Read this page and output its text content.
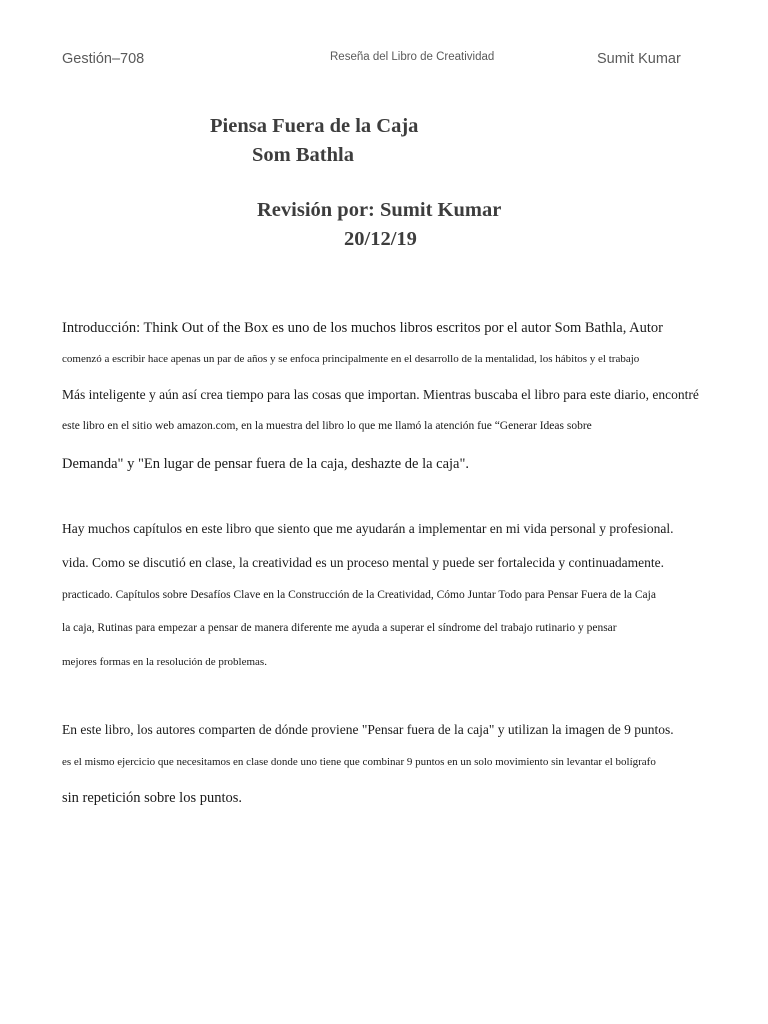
Gestión–708	Reseña del Libro de Creatividad	Sumit Kumar
Piensa Fuera de la Caja
Som Bathla
Revisión por: Sumit Kumar
20/12/19
Introducción: Think Out of the Box es uno de los muchos libros escritos por el autor Som Bathla, Autor
comenzó a escribir hace apenas un par de años y se enfoca principalmente en el desarrollo de la mentalidad, los hábitos y el trabajo
Más inteligente y aún así crea tiempo para las cosas que importan. Mientras buscaba el libro para este diario, encontré
este libro en el sitio web amazon.com, en la muestra del libro lo que me llamó la atención fue “Generar Ideas sobre
Demanda" y "En lugar de pensar fuera de la caja, deshazte de la caja".
Hay muchos capítulos en este libro que siento que me ayudarán a implementar en mi vida personal y profesional.
vida. Como se discutió en clase, la creatividad es un proceso mental y puede ser fortalecida y continuadamente.
practicado. Capítulos sobre Desafíos Clave en la Construcción de la Creatividad, Cómo Juntar Todo para Pensar Fuera de la Caja
la caja, Rutinas para empezar a pensar de manera diferente me ayuda a superar el síndrome del trabajo rutinario y pensar
mejores formas en la resolución de problemas.
En este libro, los autores comparten de dónde proviene "Pensar fuera de la caja" y utilizan la imagen de 9 puntos.
es el mismo ejercicio que necesitamos en clase donde uno tiene que combinar 9 puntos en un solo movimiento sin levantar el bolígrafo
sin repetición sobre los puntos.
